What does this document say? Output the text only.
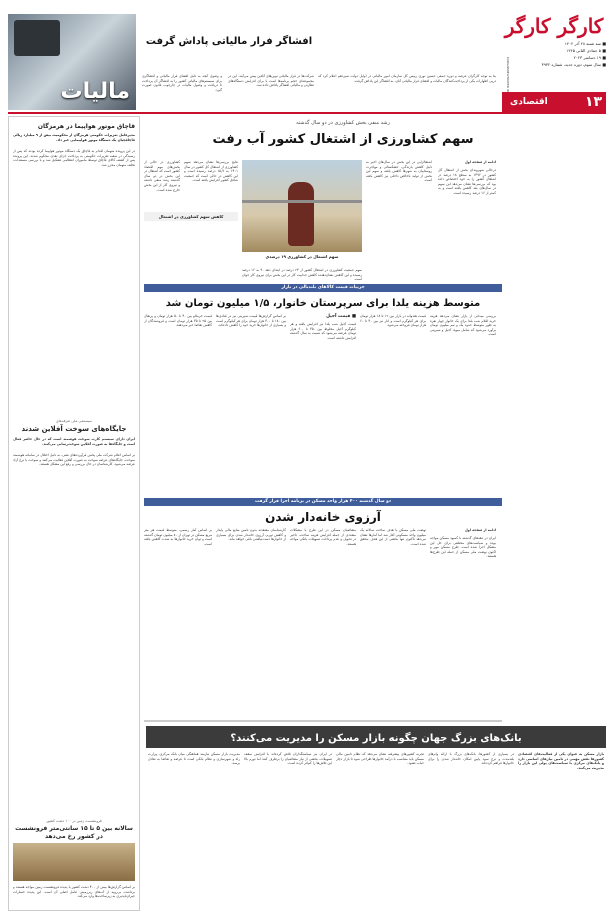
کارگر کارگر
KARGARNEWSPAPER.IR
■ سه شنبه ۲۸ آذر ۱۴۰۲
■ ۵ جمادی الثانی ۱۴۴۵
■ ۱۹ دسامبر ۲۰۲۳
■ سال سوم، دوره جدید، شماره ۳۹۳۲
۱۳
اقتصادی
افشاگر فرار مالیاتی پاداش گرفت
بنا به توجه کارگران عرصه و دوره جمعی حسین نوری رییس کل سازمان امور مالیاتی در اوایل دولت سیزدهم اعلام کرد که درپی اظهارات یکی از پرداخت‌کنندگان مالیات و افشای فرار مالیاتی آنان، به افشاگر این پاداش گرفت.
شرکت‌ها در فرار مالیاتی نوین‌های آنلاین پیش می‌آیند. این در مجموعه‌ای حجم برنامه‌ها است با برای افزایش دستگاه‌های نظارتی و مالیاتی افشاگر پاداش داده شد.
و وصول آنچه به دلیل افشای فرار مالیاتی و افشاگری برای سیستم‌های مالیاتی کشور را به افشاگر آن پرداخت تا دریافت و وصول مالیات در چارچوب قانون صورت گیرد.
مالیات
قاچاق موتور هواپیما در هرمزگان
مدیرعامل تعزیرات حکومتی هرمزگان از محکومیت بیش از ۹ میلیارد ریالی قاچاقچیان یک دستگاه موتور هواپیمایی خبر داد.
در این پرونده متهمان اقدام به قاچاق یک دستگاه موتور هواپیما کرده بودند که پس از رسیدگی در شعبه تعزیرات حکومتی به پرداخت جزای نقدی محکوم شدند. این پرونده پس از کشف کالای قاچاق توسط ماموران انتظامی تشکیل شد و با بررسی مستندات، تخلف متهمان محرز شد.
سیستمی ملی تعرفه‌های
جایگاه‌های سوخت آفلاین شدند
ایران دارای سیستم کارت سوخت هوشمند است که در حال حاضر فعال است و جایگاه‌ها به صورت آفلاین سوخت‌رسانی می‌کنند.
بر اساس اعلام شرکت ملی پخش فرآورده‌های نفتی، به دلیل اختلال در سامانه هوشمند سوخت، جایگاه‌های عرضه سوخت به صورت آفلاین فعالیت می‌کنند و سوخت با نرخ آزاد عرضه می‌شود. کارشناسان در حال بررسی و رفع این مشکل هستند.
فرونشست زمین در ۱۰۰ دشت کشور
سالانه بین ۵ تا ۱۵ سانتی‌متر فرونشست در کشور رخ می‌دهد
بر اساس گزارش‌ها بیش از ۴۰۰ دشت کشور با پدیده فرونشست زمین مواجه هستند و برداشت بی‌رویه از آب‌های زیرزمینی عامل اصلی آن است. این پدیده خسارات جبران‌ناپذیری به زیرساخت‌ها وارد می‌کند.
رشد منفی بخش کشاورزی در دو سال گذشته
سهم کشاورزی از اشتغال کشور آب رفت
سهم اشتغال در کشاورزی ۱۹ درصدی
ادامه از صفحه اول
درحالی شهروندان بخش از اشتغال کل کشور در ۱۳۹۶ به سطح ۱۸ درصد در اشتغال کشور را به خود اختصاص داده بود که بررسی‌ها نشان می‌دهد این سهم در سال‌های بعد کاهش یافته است و به کمتر از ۱۶ درصد رسیده است.
اشتغالزایی در این بخش در سال‌های اخیر به دلیل کاهش بارندگی، خشکسالی و مهاجرت روستاییان به شهرها کاهش یافته و سهم این بخش از تولید ناخالص داخلی نیز کاهش یافته است.
نتایج بررسی‌ها نشان می‌دهد سهم کشاورزی از اشتغال کل کشور در سال ۱۴۰۱ به ۱۵٫۹ درصد رسیده است و این کاهش در حالی است که جمعیت شاغل کشور افزایش یافته است.
کشاورزی در حالی از بخش‌های مهم اقتصاد کشور است که اشتغال در این بخش در دو سال گذشته رشد منفی داشته و نیروی کار از این بخش خارج شده است.
کاهش سهم کشاورزی در اشتغال
سهم جمعیت کشاورزی در اشتغال کشور از ۲۳ درصد در ابتدای دهه ۹۰ به ۱۶ درصد رسیده و این کاهش نشان‌دهنده کاهش جذابیت کار در این بخش برای نیروی کار جوان است.
جزییات قیمت کالاهای بلندبالی در بازار
متوسط هزینه یلدا برای سرپرستان خانوار، ۱/۵ میلیون تومان شد
بررسی میدانی از بازار نشان می‌دهد هزینه خرید اقلام شب یلدا برای یک خانوار چهار نفره به طور متوسط حدود یک و نیم میلیون تومان برآورد می‌شود که شامل میوه، آجیل و شیرینی است.
قیمت هندوانه در بازار بین ۱۲ تا ۱۸ هزار تومان برای هر کیلوگرم است و انار نیز بین ۴۰ تا ۶۰ هزار تومان فروخته می‌شود.
■ قیمت آجیل
قیمت آجیل شب یلدا نیز افزایش یافته و هر کیلوگرم آجیل مخلوط بین ۳۵۰ تا ۶۰۰ هزار تومان عرضه می‌شود که نسبت به سال گذشته افزایش داشته است.
بر اساس گزارش‌ها قیمت شیرینی نیز در قنادی‌ها بین ۱۸۰ تا ۳۰۰ هزار تومان برای هر کیلوگرم است و بسیاری از خانوارها خرید خود را کاهش داده‌اند.
قیمت خرمالو بین ۴۰ تا ۵۰ هزار تومان و پرتقال بین ۲۵ تا ۳۵ هزار تومان است و فروشندگان از کاهش تقاضا خبر می‌دهند.
دو سال گذشته ۴۰۰ هزار واحد مسکن در برنامه اجرا قرار گرفت
آرزوی خانه‌دار شدن
ادامه از صفحه اول
ایران در دهه‌های گذشته با کمبود مسکن مواجه بوده و سیاست‌های مختلفی برای حل این مشکل اجرا شده است. طرح مسکن مهر و اکنون نهضت ملی مسکن از جمله این طرح‌ها هستند.
نهضت ملی مسکن با هدف ساخت سالانه یک میلیون واحد مسکونی آغاز شد اما آمارها نشان می‌دهد تاکنون تنها بخشی از این هدف محقق شده است.
متقاضیان مسکن در این طرح با مشکلات متعددی از جمله افزایش هزینه ساخت، تاخیر در تحویل و عدم پرداخت تسهیلات بانکی مواجه هستند.
کارشناسان معتقدند بدون تامین منابع مالی پایدار و کاهش تورم، آرزوی خانه‌دار شدن برای بسیاری از خانوارها دست‌نیافتنی باقی خواهد ماند.
بر اساس آمار رسمی، متوسط قیمت هر متر مربع مسکن در تهران از ۸۰ میلیون تومان گذشته است و توان خرید خانوارها به شدت کاهش یافته است.
بانک‌های بزرگ جهان چگونه بازار مسکن را مدیریت می‌کنند؟
بازار مسکن به عنوان یکی از فعالیت‌های اقتصادی کشورها نقش مهمی در تامین نیازهای اساسی دارد و بانک‌های مرکزی با سیاست‌های پولی این بازار را مدیریت می‌کنند.
در بسیاری از کشورها، بانک‌های بزرگ با ارائه وام‌های بلندمدت و نرخ سود پایین امکان خانه‌دار شدن را برای خانوارها فراهم کرده‌اند.
تجربه کشورهای پیشرفته نشان می‌دهد که نظام تامین مالی مسکن باید متناسب با درآمد خانوارها طراحی شود تا بازار دچار حباب نشود.
در ایران نیز سیاستگذاران تلاش کرده‌اند با افزایش سقف تسهیلات، بخشی از نیاز متقاضیان را برطرف کنند اما تورم بالا این تلاش‌ها را کم‌اثر کرده است.
مدیریت بازار مسکن نیازمند هماهنگی میان بانک مرکزی، وزارت راه و شهرسازی و نظام بانکی است تا عرضه و تقاضا به تعادل برسد.
